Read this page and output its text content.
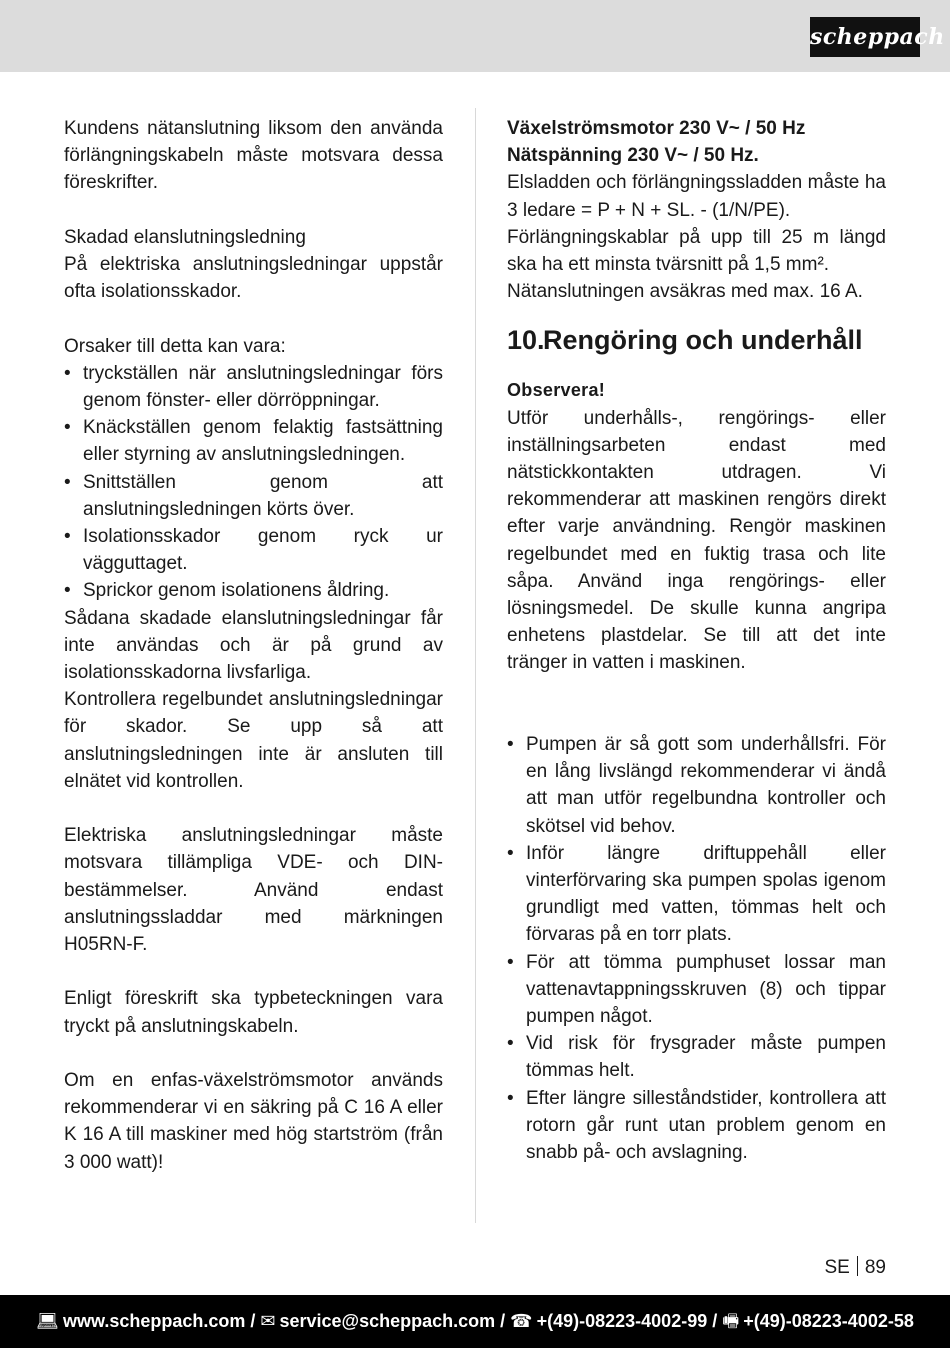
scheppach

Kundens nätanslutning liksom den använda förlängningskabeln måste motsvara dessa föreskrifter.

Skadad elanslutningsledning

På elektriska anslutningsledningar uppstår ofta isolationsskador.

Orsaker till detta kan vara:

• tryckställen när anslutningsledningar förs genom fönster- eller dörröppningar.
• Knäckställen genom felaktig fastsättning eller styrning av anslutningsledningen.
• Snittställen genom att anslutningsledningen körts över.
• Isolationsskador genom ryck ur vägguttaget.
• Sprickor genom isolationens åldring.

Sådana skadade elanslutningsledningar får inte användas och är på grund av isolationsskadorna livsfarliga.

Kontrollera regelbundet anslutningsledningar för skador. Se upp så att anslutningsledningen inte är ansluten till elnätet vid kontrollen.

Elektriska anslutningsledningar måste motsvara tillämpliga VDE- och DIN-bestämmelser. Använd endast anslutningssladdar med märkningen H05RN-F.

Enligt föreskrift ska typbeteckningen vara tryckt på anslutningskabeln.

Om en enfas-växelströmsmotor används rekommenderar vi en säkring på C 16 A eller K 16 A till maskiner med hög startström (från 3 000 watt)!

Växelströmsmotor 230 V~ / 50 Hz

Nätspänning 230 V~ / 50 Hz.

Elsladden och förlängningssladden måste ha 3 ledare = P + N + SL. - (1/N/PE).

Förlängningskablar på upp till 25 m längd ska ha ett minsta tvärsnitt på 1,5 mm².

Nätanslutningen avsäkras med max. 16 A.

10.
Rengöring och underhåll

Observera!

Utför underhålls-, rengörings- eller inställningsarbeten endast med nätstickkontakten utdragen. Vi rekommenderar att maskinen rengörs direkt efter varje användning. Rengör maskinen regelbundet med en fuktig trasa och lite såpa. Använd inga rengörings- eller lösningsmedel. De skulle kunna angripa enhetens plastdelar. Se till att det inte tränger in vatten i maskinen.

• Pumpen är så gott som underhållsfri. För en lång livslängd rekommenderar vi ändå att man utför regelbundna kontroller och skötsel vid behov.
• Inför längre driftuppehåll eller vinterförvaring ska pumpen spolas igenom grundligt med vatten, tömmas helt och förvaras på en torr plats.
• För att tömma pumphuset lossar man vattenavtappningsskruven (8) och tippar pumpen något.
• Vid risk för frysgrader måste pumpen tömmas helt.
• Efter längre silleståndstider, kontrollera att rotorn går runt utan problem genom en snabb på- och avslagning.
SE 89
💻︎ www.scheppach.com / ✉︎ service@scheppach.com / ☎︎ +(49)-08223-4002-99 / 🖷︎ +(49)-08223-4002-58
